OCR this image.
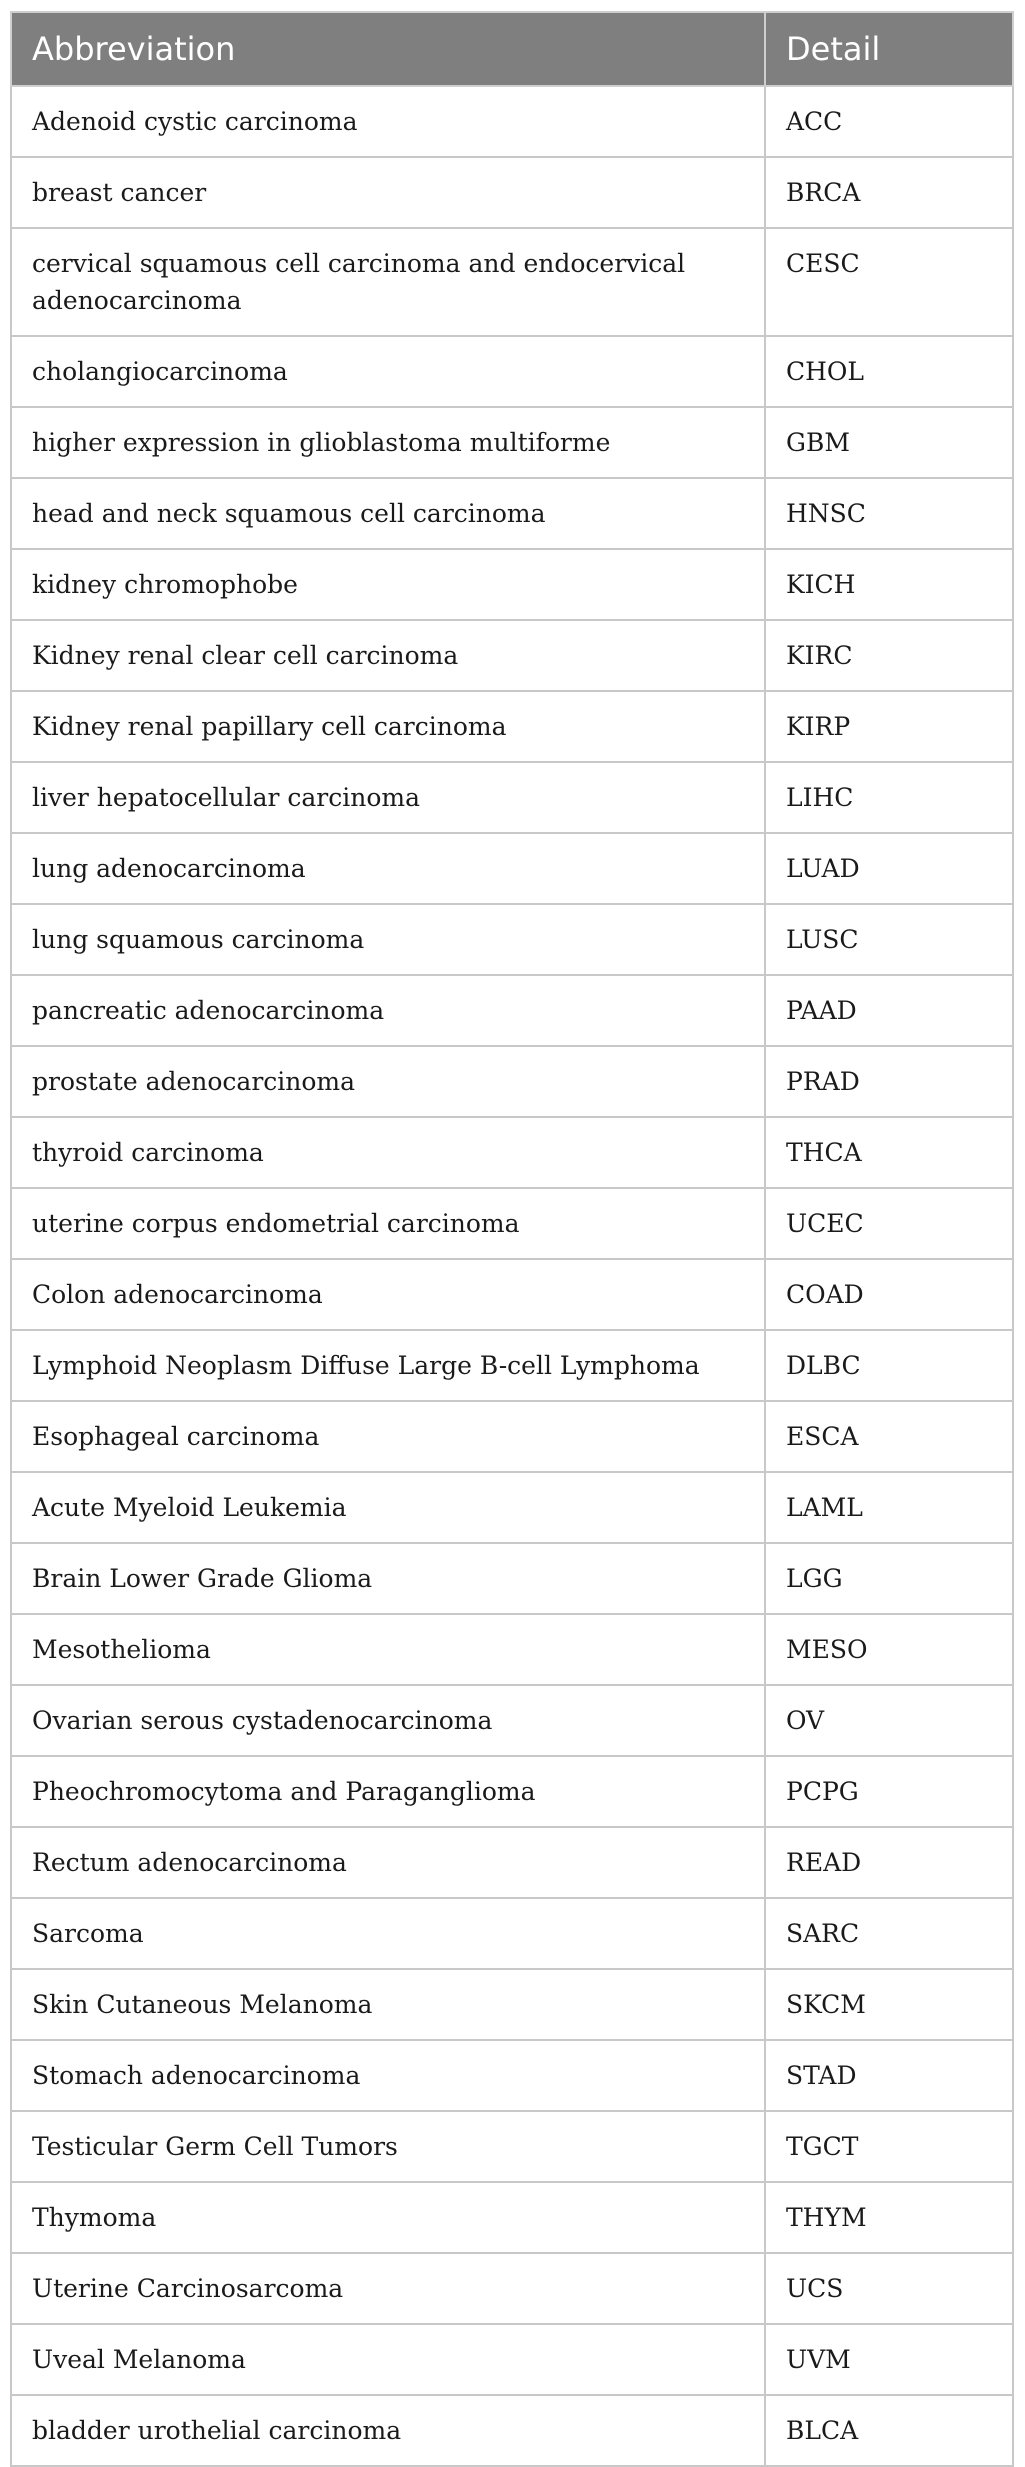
Abbreviation	Detail
Adenoid cystic carcinoma	ACC
breast cancer	BRCA
cervical squamous cell carcinoma and endocervical adenocarcinoma	CESC
cholangiocarcinoma	CHOL
higher expression in glioblastoma multiforme	GBM
head and neck squamous cell carcinoma	HNSC
kidney chromophobe	KICH
Kidney renal clear cell carcinoma	KIRC
Kidney renal papillary cell carcinoma	KIRP
liver hepatocellular carcinoma	LIHC
lung adenocarcinoma	LUAD
lung squamous carcinoma	LUSC
pancreatic adenocarcinoma	PAAD
prostate adenocarcinoma	PRAD
thyroid carcinoma	THCA
uterine corpus endometrial carcinoma	UCEC
Colon adenocarcinoma	COAD
Lymphoid Neoplasm Diffuse Large B-cell Lymphoma	DLBC
Esophageal carcinoma	ESCA
Acute Myeloid Leukemia	LAML
Brain Lower Grade Glioma	LGG
Mesothelioma	MESO
Ovarian serous cystadenocarcinoma	OV
Pheochromocytoma and Paraganglioma	PCPG
Rectum adenocarcinoma	READ
Sarcoma	SARC
Skin Cutaneous Melanoma	SKCM
Stomach adenocarcinoma	STAD
Testicular Germ Cell Tumors	TGCT
Thymoma	THYM
Uterine Carcinosarcoma	UCS
Uveal Melanoma	UVM
bladder urothelial carcinoma	BLCA
